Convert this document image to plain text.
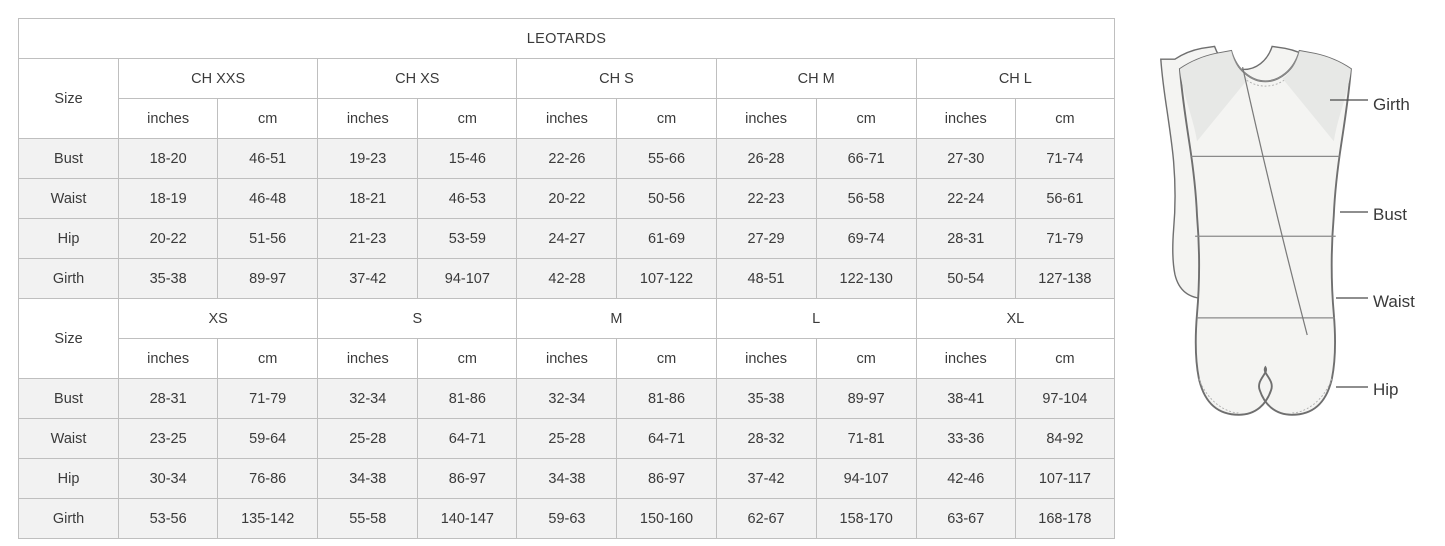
LEOTARDS										
Size	CH XXS		CH XS		CH S		CH M		CH L	
	inches	cm	inches	cm	inches	cm	inches	cm	inches	cm
Bust	18-20	46-51	19-23	15-46	22-26	55-66	26-28	66-71	27-30	71-74
Waist	18-19	46-48	18-21	46-53	20-22	50-56	22-23	56-58	22-24	56-61
Hip	20-22	51-56	21-23	53-59	24-27	61-69	27-29	69-74	28-31	71-79
Girth	35-38	89-97	37-42	94-107	42-28	107-122	48-51	122-130	50-54	127-138
Size	XS		S		M		L		XL	
	inches	cm	inches	cm	inches	cm	inches	cm	inches	cm
Bust	28-31	71-79	32-34	81-86	32-34	81-86	35-38	89-97	38-41	97-104
Waist	23-25	59-64	25-28	64-71	25-28	64-71	28-32	71-81	33-36	84-92
Hip	30-34	76-86	34-38	86-97	34-38	86-97	37-42	94-107	42-46	107-117
Girth	53-56	135-142	55-58	140-147	59-63	150-160	62-67	158-170	63-67	168-178
Girth
Bust
Waist
Hip
